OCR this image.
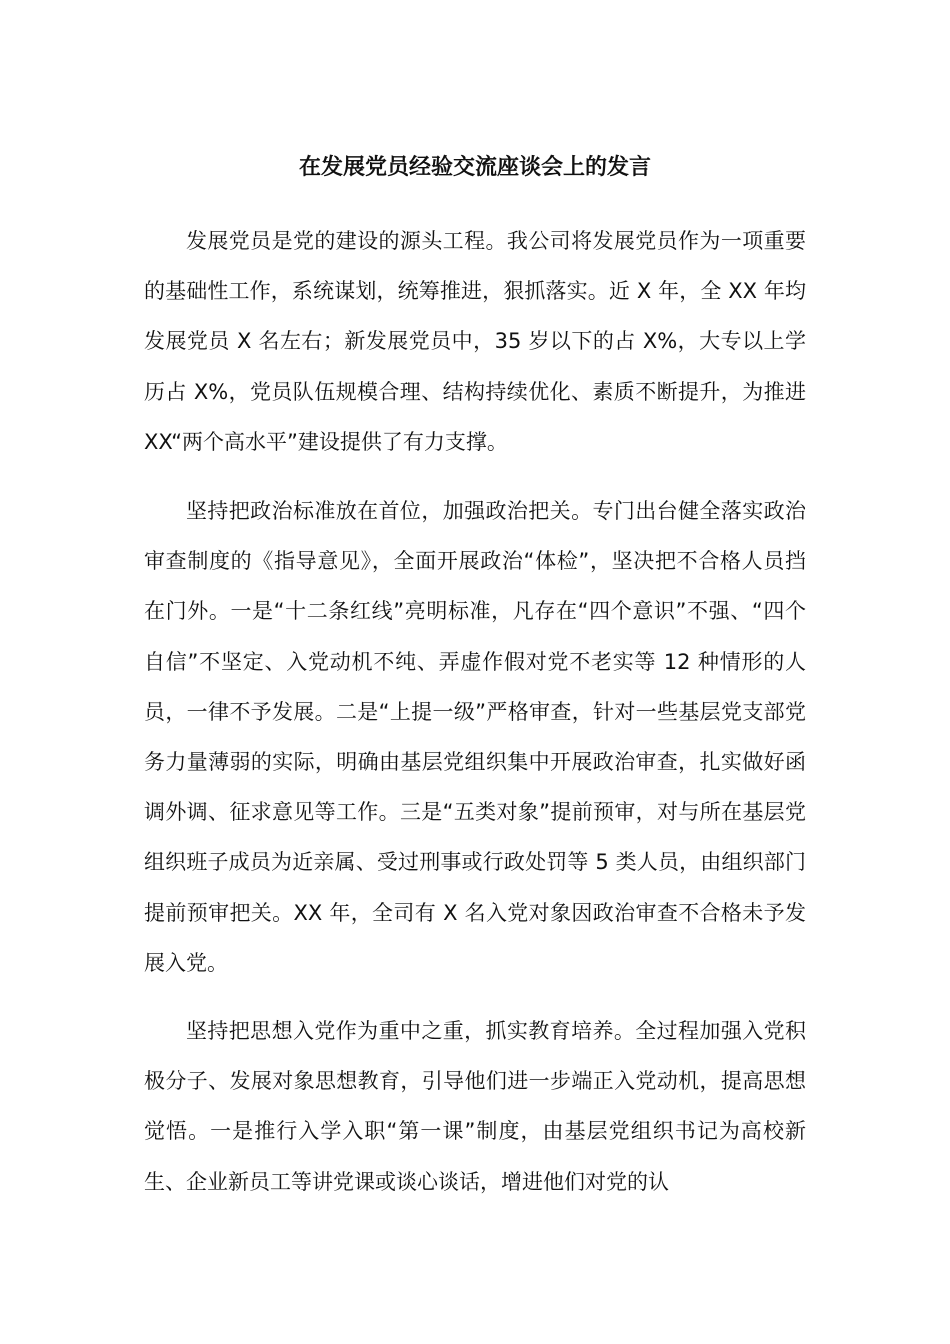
在发展党员经验交流座谈会上的发言

发展党员是党的建设的源头工程。我公司将发展党员作为一项重要的基础性工作，系统谋划，统筹推进，狠抓落实。近 X 年，全 XX 年均发展党员 X 名左右；新发展党员中，35 岁以下的占 X%，大专以上学历占 X%，党员队伍规模合理、结构持续优化、素质不断提升，为推进 XX“两个高水平”建设提供了有力支撑。

坚持把政治标准放在首位，加强政治把关。专门出台健全落实政治审查制度的《指导意见》，全面开展政治“体检”，坚决把不合格人员挡在门外。一是“十二条红线”亮明标准，凡存在“四个意识”不强、“四个自信”不坚定、入党动机不纯、弄虚作假对党不老实等 12 种情形的人员，一律不予发展。二是“上提一级”严格审查，针对一些基层党支部党务力量薄弱的实际，明确由基层党组织集中开展政治审查，扎实做好函调外调、征求意见等工作。三是“五类对象”提前预审，对与所在基层党组织班子成员为近亲属、受过刑事或行政处罚等 5 类人员，由组织部门提前预审把关。XX 年，全司有 X 名入党对象因政治审查不合格未予发展入党。

坚持把思想入党作为重中之重，抓实教育培养。全过程加强入党积极分子、发展对象思想教育，引导他们进一步端正入党动机，提高思想觉悟。一是推行入学入职“第一课”制度，由基层党组织书记为高校新生、企业新员工等讲党课或谈心谈话，增进他们对党的认
